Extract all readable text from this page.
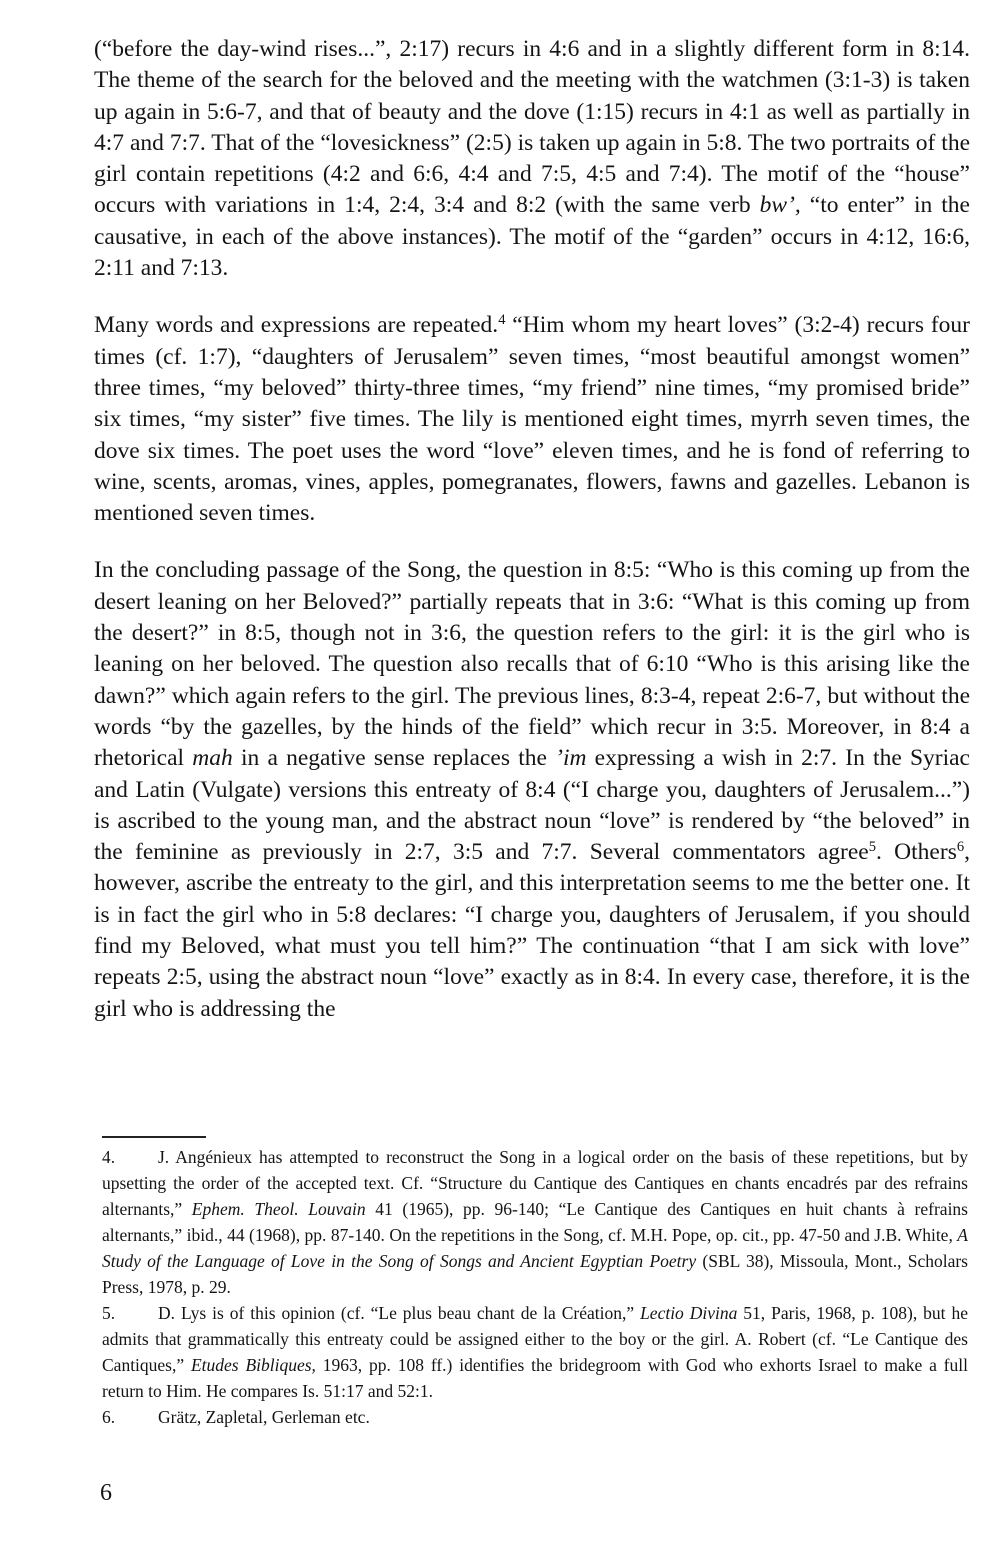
(“before the day-wind rises...”, 2:17) recurs in 4:6 and in a slightly different form in 8:14. The theme of the search for the beloved and the meeting with the watchmen (3:1-3) is taken up again in 5:6-7, and that of beauty and the dove (1:15) recurs in 4:1 as well as partially in 4:7 and 7:7. That of the “lovesickness” (2:5) is taken up again in 5:8. The two portraits of the girl contain repetitions (4:2 and 6:6, 4:4 and 7:5, 4:5 and 7:4). The motif of the “house” occurs with variations in 1:4, 2:4, 3:4 and 8:2 (with the same verb bw’, “to enter” in the causative, in each of the above instances). The motif of the “garden” occurs in 4:12, 16:6, 2:11 and 7:13.

Many words and expressions are repeated.$^4$ “Him whom my heart loves” (3:2-4) recurs four times (cf. 1:7), “daughters of Jerusalem” seven times, “most beautiful amongst women” three times, “my beloved” thirty-three times, “my friend” nine times, “my promised bride” six times, “my sister” five times. The lily is mentioned eight times, myrrh seven times, the dove six times. The poet uses the word “love” eleven times, and he is fond of referring to wine, scents, aromas, vines, apples, pomegranates, flowers, fawns and gazelles. Lebanon is mentioned seven times.

In the concluding passage of the Song, the question in 8:5: “Who is this coming up from the desert leaning on her Beloved?” partially repeats that in 3:6: “What is this coming up from the desert?” in 8:5, though not in 3:6, the question refers to the girl: it is the girl who is leaning on her beloved. The question also recalls that of 6:10 “Who is this arising like the dawn?” which again refers to the girl. The previous lines, 8:3-4, repeat 2:6-7, but without the words “by the gazelles, by the hinds of the field” which recur in 3:5. Moreover, in 8:4 a rhetorical mah in a negative sense replaces the ’im expressing a wish in 2:7. In the Syriac and Latin (Vulgate) versions this entreaty of 8:4 (“I charge you, daughters of Jerusalem...”) is ascribed to the young man, and the abstract noun “love” is rendered by “the beloved” in the feminine as previously in 2:7, 3:5 and 7:7. Several commentators agree$^5$. Others$^6$, however, ascribe the entreaty to the girl, and this interpretation seems to me the better one. It is in fact the girl who in 5:8 declares: “I charge you, daughters of Jerusalem, if you should find my Beloved, what must you tell him?” The continuation “that I am sick with love” repeats 2:5, using the abstract noun “love” exactly as in 8:4. In every case, therefore, it is the girl who is addressing the

4. J. Angénieux has attempted to reconstruct the Song in a logical order on the basis of these repetitions, but by upsetting the order of the accepted text. Cf. “Structure du Cantique des Cantiques en chants encadrés par des refrains alternants,” Ephem. Theol. Louvain 41 (1965), pp. 96-140; “Le Cantique des Cantiques en huit chants à refrains alternants,” ibid., 44 (1968), pp. 87-140. On the repetitions in the Song, cf. M.H. Pope, op. cit., pp. 47-50 and J.B. White, A Study of the Language of Love in the Song of Songs and Ancient Egyptian Poetry (SBL 38), Missoula, Mont., Scholars Press, 1978, p. 29.

5. D. Lys is of this opinion (cf. “Le plus beau chant de la Création,” Lectio Divina 51, Paris, 1968, p. 108), but he admits that grammatically this entreaty could be assigned either to the boy or the girl. A. Robert (cf. “Le Cantique des Cantiques,” Etudes Bibliques, 1963, pp. 108 ff.) identifies the bridegroom with God who exhorts Israel to make a full return to Him. He compares Is. 51:17 and 52:1.

6. Grätz, Zapletal, Gerleman etc.

6
